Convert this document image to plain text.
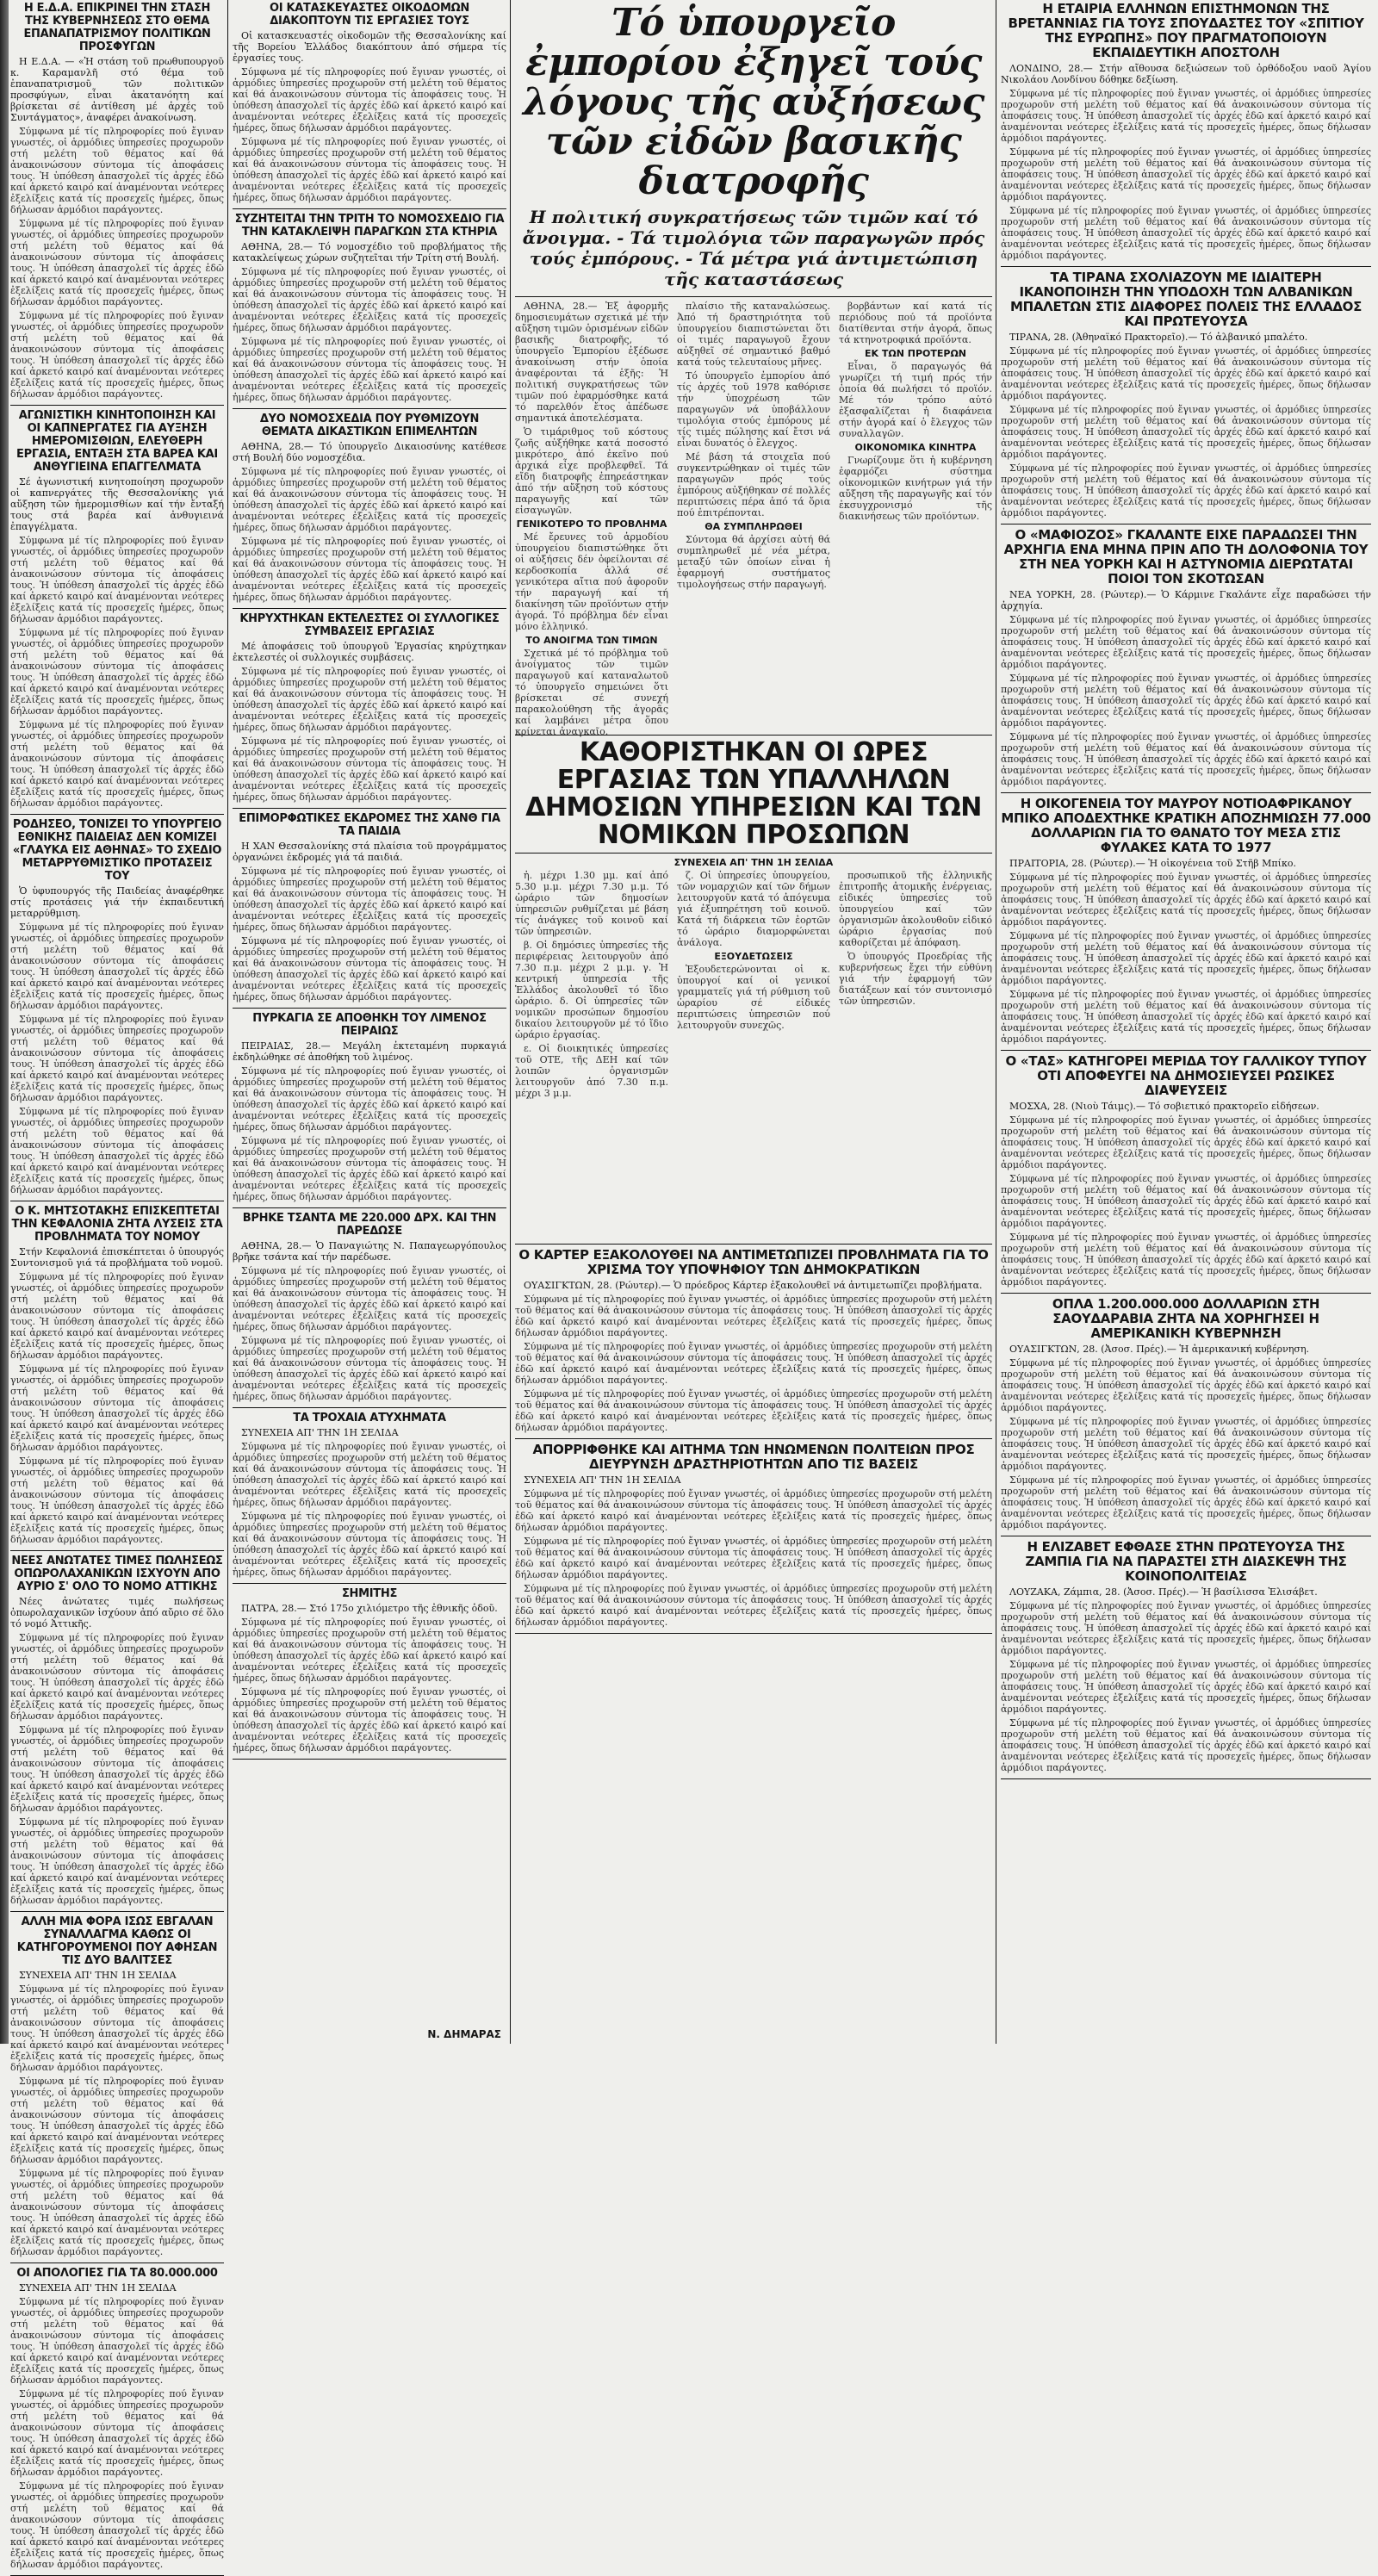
Η Ε.Δ.Α. ΕΠΙΚΡΙΝΕΙ ΤΗΝ ΣΤΑΣΗ ΤΗΣ ΚΥΒΕΡΝΗΣΕΩΣ ΣΤΟ ΘΕΜΑ ΕΠΑΝΑΠΑΤΡΙΣΜΟΥ ΠΟΛΙΤΙΚΩΝ ΠΡΟΣΦΥΓΩΝ

Η Ε.Δ.Α. — «Ἡ στάση τοῦ πρωθυπουργοῦ κ. Καραμανλῆ στό θέμα τοῦ ἐπαναπατρισμοῦ τῶν πολιτικῶν προσφύγων, εἶναι ἀκατανόητη καί βρίσκεται σέ ἀντίθεση μέ ἀρχές τοῦ Συντάγματος», ἀναφέρει ἀνακοίνωση.

Σύμφωνα μέ τίς πληροφορίες πού ἔγιναν γνωστές, οἱ ἁρμόδιες ὑπηρεσίες προχωροῦν στή μελέτη τοῦ θέματος καί θά ἀνακοινώσουν σύντομα τίς ἀποφάσεις τους. Ἡ ὑπόθεση ἀπασχολεῖ τίς ἀρχές ἐδῶ καί ἀρκετό καιρό καί ἀναμένονται νεότερες ἐξελίξεις κατά τίς προσεχεῖς ἡμέρες, ὅπως δήλωσαν ἁρμόδιοι παράγοντες.

Σύμφωνα μέ τίς πληροφορίες πού ἔγιναν γνωστές, οἱ ἁρμόδιες ὑπηρεσίες προχωροῦν στή μελέτη τοῦ θέματος καί θά ἀνακοινώσουν σύντομα τίς ἀποφάσεις τους. Ἡ ὑπόθεση ἀπασχολεῖ τίς ἀρχές ἐδῶ καί ἀρκετό καιρό καί ἀναμένονται νεότερες ἐξελίξεις κατά τίς προσεχεῖς ἡμέρες, ὅπως δήλωσαν ἁρμόδιοι παράγοντες.

Σύμφωνα μέ τίς πληροφορίες πού ἔγιναν γνωστές, οἱ ἁρμόδιες ὑπηρεσίες προχωροῦν στή μελέτη τοῦ θέματος καί θά ἀνακοινώσουν σύντομα τίς ἀποφάσεις τους. Ἡ ὑπόθεση ἀπασχολεῖ τίς ἀρχές ἐδῶ καί ἀρκετό καιρό καί ἀναμένονται νεότερες ἐξελίξεις κατά τίς προσεχεῖς ἡμέρες, ὅπως δήλωσαν ἁρμόδιοι παράγοντες.

ΑΓΩΝΙΣΤΙΚΗ ΚΙΝΗΤΟΠΟΙΗΣΗ ΚΑΙ ΟΙ ΚΑΠΝΕΡΓΑΤΕΣ ΓΙΑ ΑΥΞΗΣΗ ΗΜΕΡΟΜΙΣΘΙΩΝ, ΕΛΕΥΘΕΡΗ ΕΡΓΑΣΙΑ, ΕΝΤΑΞΗ ΣΤΑ ΒΑΡΕΑ ΚΑΙ ΑΝΘΥΓΙΕΙΝΑ ΕΠΑΓΓΕΛΜΑΤΑ

Σέ ἀγωνιστική κινητοποίηση προχωροῦν οἱ καπνεργάτες τῆς Θεσσαλονίκης γιά αὔξηση τῶν ἡμερομισθίων καί τήν ἔνταξή τους στά βαρέα καί ἀνθυγιεινά ἐπαγγέλματα.

Σύμφωνα μέ τίς πληροφορίες πού ἔγιναν γνωστές, οἱ ἁρμόδιες ὑπηρεσίες προχωροῦν στή μελέτη τοῦ θέματος καί θά ἀνακοινώσουν σύντομα τίς ἀποφάσεις τους. Ἡ ὑπόθεση ἀπασχολεῖ τίς ἀρχές ἐδῶ καί ἀρκετό καιρό καί ἀναμένονται νεότερες ἐξελίξεις κατά τίς προσεχεῖς ἡμέρες, ὅπως δήλωσαν ἁρμόδιοι παράγοντες.

Σύμφωνα μέ τίς πληροφορίες πού ἔγιναν γνωστές, οἱ ἁρμόδιες ὑπηρεσίες προχωροῦν στή μελέτη τοῦ θέματος καί θά ἀνακοινώσουν σύντομα τίς ἀποφάσεις τους. Ἡ ὑπόθεση ἀπασχολεῖ τίς ἀρχές ἐδῶ καί ἀρκετό καιρό καί ἀναμένονται νεότερες ἐξελίξεις κατά τίς προσεχεῖς ἡμέρες, ὅπως δήλωσαν ἁρμόδιοι παράγοντες.

Σύμφωνα μέ τίς πληροφορίες πού ἔγιναν γνωστές, οἱ ἁρμόδιες ὑπηρεσίες προχωροῦν στή μελέτη τοῦ θέματος καί θά ἀνακοινώσουν σύντομα τίς ἀποφάσεις τους. Ἡ ὑπόθεση ἀπασχολεῖ τίς ἀρχές ἐδῶ καί ἀρκετό καιρό καί ἀναμένονται νεότερες ἐξελίξεις κατά τίς προσεχεῖς ἡμέρες, ὅπως δήλωσαν ἁρμόδιοι παράγοντες.

ΡΟΔΗΣΕΟ, ΤΟΝΙΖΕΙ ΤΟ ΥΠΟΥΡΓΕΙΟ ΕΘΝΙΚΗΣ ΠΑΙΔΕΙΑΣ ΔΕΝ ΚΟΜΙΖΕΙ «ΓΛΑΥΚΑ ΕΙΣ ΑΘΗΝΑΣ» ΤΟ ΣΧΕΔΙΟ ΜΕΤΑΡΡΥΘΜΙΣΤΙΚΟ ΠΡΟΤΑΣΕΙΣ ΤΟΥ

Ὁ ὑφυπουργός τῆς Παιδείας ἀναφέρθηκε στίς προτάσεις γιά τήν ἐκπαιδευτική μεταρρύθμιση.

Σύμφωνα μέ τίς πληροφορίες πού ἔγιναν γνωστές, οἱ ἁρμόδιες ὑπηρεσίες προχωροῦν στή μελέτη τοῦ θέματος καί θά ἀνακοινώσουν σύντομα τίς ἀποφάσεις τους. Ἡ ὑπόθεση ἀπασχολεῖ τίς ἀρχές ἐδῶ καί ἀρκετό καιρό καί ἀναμένονται νεότερες ἐξελίξεις κατά τίς προσεχεῖς ἡμέρες, ὅπως δήλωσαν ἁρμόδιοι παράγοντες.

Σύμφωνα μέ τίς πληροφορίες πού ἔγιναν γνωστές, οἱ ἁρμόδιες ὑπηρεσίες προχωροῦν στή μελέτη τοῦ θέματος καί θά ἀνακοινώσουν σύντομα τίς ἀποφάσεις τους. Ἡ ὑπόθεση ἀπασχολεῖ τίς ἀρχές ἐδῶ καί ἀρκετό καιρό καί ἀναμένονται νεότερες ἐξελίξεις κατά τίς προσεχεῖς ἡμέρες, ὅπως δήλωσαν ἁρμόδιοι παράγοντες.

Σύμφωνα μέ τίς πληροφορίες πού ἔγιναν γνωστές, οἱ ἁρμόδιες ὑπηρεσίες προχωροῦν στή μελέτη τοῦ θέματος καί θά ἀνακοινώσουν σύντομα τίς ἀποφάσεις τους. Ἡ ὑπόθεση ἀπασχολεῖ τίς ἀρχές ἐδῶ καί ἀρκετό καιρό καί ἀναμένονται νεότερες ἐξελίξεις κατά τίς προσεχεῖς ἡμέρες, ὅπως δήλωσαν ἁρμόδιοι παράγοντες.

Ο Κ. ΜΗΤΣΟΤΑΚΗΣ ΕΠΙΣΚΕΠΤΕΤΑΙ ΤΗΝ ΚΕΦΑΛΟΝΙΑ ΖΗΤΑ ΛΥΣΕΙΣ ΣΤΑ ΠΡΟΒΛΗΜΑΤΑ ΤΟΥ ΝΟΜΟΥ

Στήν Κεφαλονιά ἐπισκέπτεται ὁ ὑπουργός Συντονισμοῦ γιά τά προβλήματα τοῦ νομοῦ.

Σύμφωνα μέ τίς πληροφορίες πού ἔγιναν γνωστές, οἱ ἁρμόδιες ὑπηρεσίες προχωροῦν στή μελέτη τοῦ θέματος καί θά ἀνακοινώσουν σύντομα τίς ἀποφάσεις τους. Ἡ ὑπόθεση ἀπασχολεῖ τίς ἀρχές ἐδῶ καί ἀρκετό καιρό καί ἀναμένονται νεότερες ἐξελίξεις κατά τίς προσεχεῖς ἡμέρες, ὅπως δήλωσαν ἁρμόδιοι παράγοντες.

Σύμφωνα μέ τίς πληροφορίες πού ἔγιναν γνωστές, οἱ ἁρμόδιες ὑπηρεσίες προχωροῦν στή μελέτη τοῦ θέματος καί θά ἀνακοινώσουν σύντομα τίς ἀποφάσεις τους. Ἡ ὑπόθεση ἀπασχολεῖ τίς ἀρχές ἐδῶ καί ἀρκετό καιρό καί ἀναμένονται νεότερες ἐξελίξεις κατά τίς προσεχεῖς ἡμέρες, ὅπως δήλωσαν ἁρμόδιοι παράγοντες.

Σύμφωνα μέ τίς πληροφορίες πού ἔγιναν γνωστές, οἱ ἁρμόδιες ὑπηρεσίες προχωροῦν στή μελέτη τοῦ θέματος καί θά ἀνακοινώσουν σύντομα τίς ἀποφάσεις τους. Ἡ ὑπόθεση ἀπασχολεῖ τίς ἀρχές ἐδῶ καί ἀρκετό καιρό καί ἀναμένονται νεότερες ἐξελίξεις κατά τίς προσεχεῖς ἡμέρες, ὅπως δήλωσαν ἁρμόδιοι παράγοντες.

ΝΕΕΣ ΑΝΩΤΑΤΕΣ ΤΙΜΕΣ ΠΩΛΗΣΕΩΣ ΟΠΩΡΟΛΑΧΑΝΙΚΩΝ ΙΣΧΥΟΥΝ ΑΠΟ ΑΥΡΙΟ Σ' ΟΛΟ ΤΟ ΝΟΜΟ ΑΤΤΙΚΗΣ

Νέες ἀνώτατες τιμές πωλήσεως ὀπωρολαχανικῶν ἰσχύουν ἀπό αὔριο σέ ὅλο τό νομό Ἀττικῆς.

Σύμφωνα μέ τίς πληροφορίες πού ἔγιναν γνωστές, οἱ ἁρμόδιες ὑπηρεσίες προχωροῦν στή μελέτη τοῦ θέματος καί θά ἀνακοινώσουν σύντομα τίς ἀποφάσεις τους. Ἡ ὑπόθεση ἀπασχολεῖ τίς ἀρχές ἐδῶ καί ἀρκετό καιρό καί ἀναμένονται νεότερες ἐξελίξεις κατά τίς προσεχεῖς ἡμέρες, ὅπως δήλωσαν ἁρμόδιοι παράγοντες.

Σύμφωνα μέ τίς πληροφορίες πού ἔγιναν γνωστές, οἱ ἁρμόδιες ὑπηρεσίες προχωροῦν στή μελέτη τοῦ θέματος καί θά ἀνακοινώσουν σύντομα τίς ἀποφάσεις τους. Ἡ ὑπόθεση ἀπασχολεῖ τίς ἀρχές ἐδῶ καί ἀρκετό καιρό καί ἀναμένονται νεότερες ἐξελίξεις κατά τίς προσεχεῖς ἡμέρες, ὅπως δήλωσαν ἁρμόδιοι παράγοντες.

Σύμφωνα μέ τίς πληροφορίες πού ἔγιναν γνωστές, οἱ ἁρμόδιες ὑπηρεσίες προχωροῦν στή μελέτη τοῦ θέματος καί θά ἀνακοινώσουν σύντομα τίς ἀποφάσεις τους. Ἡ ὑπόθεση ἀπασχολεῖ τίς ἀρχές ἐδῶ καί ἀρκετό καιρό καί ἀναμένονται νεότερες ἐξελίξεις κατά τίς προσεχεῖς ἡμέρες, ὅπως δήλωσαν ἁρμόδιοι παράγοντες.

ΑΛΛΗ ΜΙΑ ΦΟΡΑ ΙΣΩΣ ΕΒΓΑΛΑΝ ΣΥΝΑΛΛΑΓΜΑ ΚΑΘΩΣ ΟΙ ΚΑΤΗΓΟΡΟΥΜΕΝΟΙ ΠΟΥ ΑΦΗΣΑΝ ΤΙΣ ΔΥΟ ΒΑΛΙΤΣΕΣ

ΣΥΝΕΧΕΙΑ ΑΠ' ΤΗΝ 1Η ΣΕΛΙΔΑ

Σύμφωνα μέ τίς πληροφορίες πού ἔγιναν γνωστές, οἱ ἁρμόδιες ὑπηρεσίες προχωροῦν στή μελέτη τοῦ θέματος καί θά ἀνακοινώσουν σύντομα τίς ἀποφάσεις τους. Ἡ ὑπόθεση ἀπασχολεῖ τίς ἀρχές ἐδῶ καί ἀρκετό καιρό καί ἀναμένονται νεότερες ἐξελίξεις κατά τίς προσεχεῖς ἡμέρες, ὅπως δήλωσαν ἁρμόδιοι παράγοντες.

Σύμφωνα μέ τίς πληροφορίες πού ἔγιναν γνωστές, οἱ ἁρμόδιες ὑπηρεσίες προχωροῦν στή μελέτη τοῦ θέματος καί θά ἀνακοινώσουν σύντομα τίς ἀποφάσεις τους. Ἡ ὑπόθεση ἀπασχολεῖ τίς ἀρχές ἐδῶ καί ἀρκετό καιρό καί ἀναμένονται νεότερες ἐξελίξεις κατά τίς προσεχεῖς ἡμέρες, ὅπως δήλωσαν ἁρμόδιοι παράγοντες.

Σύμφωνα μέ τίς πληροφορίες πού ἔγιναν γνωστές, οἱ ἁρμόδιες ὑπηρεσίες προχωροῦν στή μελέτη τοῦ θέματος καί θά ἀνακοινώσουν σύντομα τίς ἀποφάσεις τους. Ἡ ὑπόθεση ἀπασχολεῖ τίς ἀρχές ἐδῶ καί ἀρκετό καιρό καί ἀναμένονται νεότερες ἐξελίξεις κατά τίς προσεχεῖς ἡμέρες, ὅπως δήλωσαν ἁρμόδιοι παράγοντες.

ΟΙ ΑΠΟΛΟΓΙΕΣ ΓΙΑ ΤΑ 80.000.000

ΣΥΝΕΧΕΙΑ ΑΠ' ΤΗΝ 1Η ΣΕΛΙΔΑ

Σύμφωνα μέ τίς πληροφορίες πού ἔγιναν γνωστές, οἱ ἁρμόδιες ὑπηρεσίες προχωροῦν στή μελέτη τοῦ θέματος καί θά ἀνακοινώσουν σύντομα τίς ἀποφάσεις τους. Ἡ ὑπόθεση ἀπασχολεῖ τίς ἀρχές ἐδῶ καί ἀρκετό καιρό καί ἀναμένονται νεότερες ἐξελίξεις κατά τίς προσεχεῖς ἡμέρες, ὅπως δήλωσαν ἁρμόδιοι παράγοντες.

Σύμφωνα μέ τίς πληροφορίες πού ἔγιναν γνωστές, οἱ ἁρμόδιες ὑπηρεσίες προχωροῦν στή μελέτη τοῦ θέματος καί θά ἀνακοινώσουν σύντομα τίς ἀποφάσεις τους. Ἡ ὑπόθεση ἀπασχολεῖ τίς ἀρχές ἐδῶ καί ἀρκετό καιρό καί ἀναμένονται νεότερες ἐξελίξεις κατά τίς προσεχεῖς ἡμέρες, ὅπως δήλωσαν ἁρμόδιοι παράγοντες.

Σύμφωνα μέ τίς πληροφορίες πού ἔγιναν γνωστές, οἱ ἁρμόδιες ὑπηρεσίες προχωροῦν στή μελέτη τοῦ θέματος καί θά ἀνακοινώσουν σύντομα τίς ἀποφάσεις τους. Ἡ ὑπόθεση ἀπασχολεῖ τίς ἀρχές ἐδῶ καί ἀρκετό καιρό καί ἀναμένονται νεότερες ἐξελίξεις κατά τίς προσεχεῖς ἡμέρες, ὅπως δήλωσαν ἁρμόδιοι παράγοντες.

ΟΙ ΚΑΤΑΣΚΕΥΑΣΤΕΣ ΟΙΚΟΔΟΜΩΝ ΔΙΑΚΟΠΤΟΥΝ ΤΙΣ ΕΡΓΑΣΙΕΣ ΤΟΥΣ

Οἱ κατασκευαστές οἰκοδομῶν τῆς Θεσσαλονίκης καί τῆς Βορείου Ἑλλάδος διακόπτουν ἀπό σήμερα τίς ἐργασίες τους.

Σύμφωνα μέ τίς πληροφορίες πού ἔγιναν γνωστές, οἱ ἁρμόδιες ὑπηρεσίες προχωροῦν στή μελέτη τοῦ θέματος καί θά ἀνακοινώσουν σύντομα τίς ἀποφάσεις τους. Ἡ ὑπόθεση ἀπασχολεῖ τίς ἀρχές ἐδῶ καί ἀρκετό καιρό καί ἀναμένονται νεότερες ἐξελίξεις κατά τίς προσεχεῖς ἡμέρες, ὅπως δήλωσαν ἁρμόδιοι παράγοντες.

Σύμφωνα μέ τίς πληροφορίες πού ἔγιναν γνωστές, οἱ ἁρμόδιες ὑπηρεσίες προχωροῦν στή μελέτη τοῦ θέματος καί θά ἀνακοινώσουν σύντομα τίς ἀποφάσεις τους. Ἡ ὑπόθεση ἀπασχολεῖ τίς ἀρχές ἐδῶ καί ἀρκετό καιρό καί ἀναμένονται νεότερες ἐξελίξεις κατά τίς προσεχεῖς ἡμέρες, ὅπως δήλωσαν ἁρμόδιοι παράγοντες.

ΣΥΖΗΤΕΙΤΑΙ ΤΗΝ ΤΡΙΤΗ ΤΟ ΝΟΜΟΣΧΕΔΙΟ ΓΙΑ ΤΗΝ ΚΑΤΑΚΛΕΙΨΗ ΠΑΡΑΓΚΩΝ ΣΤΑ ΚΤΗΡΙΑ

ΑΘΗΝΑ, 28.— Τό νομοσχέδιο τοῦ προβλήματος τῆς κατακλείψεως χώρων συζητεῖται τήν Τρίτη στή Βουλή.

Σύμφωνα μέ τίς πληροφορίες πού ἔγιναν γνωστές, οἱ ἁρμόδιες ὑπηρεσίες προχωροῦν στή μελέτη τοῦ θέματος καί θά ἀνακοινώσουν σύντομα τίς ἀποφάσεις τους. Ἡ ὑπόθεση ἀπασχολεῖ τίς ἀρχές ἐδῶ καί ἀρκετό καιρό καί ἀναμένονται νεότερες ἐξελίξεις κατά τίς προσεχεῖς ἡμέρες, ὅπως δήλωσαν ἁρμόδιοι παράγοντες.

Σύμφωνα μέ τίς πληροφορίες πού ἔγιναν γνωστές, οἱ ἁρμόδιες ὑπηρεσίες προχωροῦν στή μελέτη τοῦ θέματος καί θά ἀνακοινώσουν σύντομα τίς ἀποφάσεις τους. Ἡ ὑπόθεση ἀπασχολεῖ τίς ἀρχές ἐδῶ καί ἀρκετό καιρό καί ἀναμένονται νεότερες ἐξελίξεις κατά τίς προσεχεῖς ἡμέρες, ὅπως δήλωσαν ἁρμόδιοι παράγοντες.

ΔΥΟ ΝΟΜΟΣΧΕΔΙΑ ΠΟΥ ΡΥΘΜΙΖΟΥΝ ΘΕΜΑΤΑ ΔΙΚΑΣΤΙΚΩΝ ΕΠΙΜΕΛΗΤΩΝ

ΑΘΗΝΑ, 28.— Τό ὑπουργεῖο Δικαιοσύνης κατέθεσε στή Βουλή δύο νομοσχέδια.

Σύμφωνα μέ τίς πληροφορίες πού ἔγιναν γνωστές, οἱ ἁρμόδιες ὑπηρεσίες προχωροῦν στή μελέτη τοῦ θέματος καί θά ἀνακοινώσουν σύντομα τίς ἀποφάσεις τους. Ἡ ὑπόθεση ἀπασχολεῖ τίς ἀρχές ἐδῶ καί ἀρκετό καιρό καί ἀναμένονται νεότερες ἐξελίξεις κατά τίς προσεχεῖς ἡμέρες, ὅπως δήλωσαν ἁρμόδιοι παράγοντες.

Σύμφωνα μέ τίς πληροφορίες πού ἔγιναν γνωστές, οἱ ἁρμόδιες ὑπηρεσίες προχωροῦν στή μελέτη τοῦ θέματος καί θά ἀνακοινώσουν σύντομα τίς ἀποφάσεις τους. Ἡ ὑπόθεση ἀπασχολεῖ τίς ἀρχές ἐδῶ καί ἀρκετό καιρό καί ἀναμένονται νεότερες ἐξελίξεις κατά τίς προσεχεῖς ἡμέρες, ὅπως δήλωσαν ἁρμόδιοι παράγοντες.

ΚΗΡΥΧΤΗΚΑΝ ΕΚΤΕΛΕΣΤΕΣ ΟΙ ΣΥΛΛΟΓΙΚΕΣ ΣΥΜΒΑΣΕΙΣ ΕΡΓΑΣΙΑΣ

Μέ ἀποφάσεις τοῦ ὑπουργοῦ Ἐργασίας κηρύχτηκαν ἐκτελεστές οἱ συλλογικές συμβάσεις.

Σύμφωνα μέ τίς πληροφορίες πού ἔγιναν γνωστές, οἱ ἁρμόδιες ὑπηρεσίες προχωροῦν στή μελέτη τοῦ θέματος καί θά ἀνακοινώσουν σύντομα τίς ἀποφάσεις τους. Ἡ ὑπόθεση ἀπασχολεῖ τίς ἀρχές ἐδῶ καί ἀρκετό καιρό καί ἀναμένονται νεότερες ἐξελίξεις κατά τίς προσεχεῖς ἡμέρες, ὅπως δήλωσαν ἁρμόδιοι παράγοντες.

Σύμφωνα μέ τίς πληροφορίες πού ἔγιναν γνωστές, οἱ ἁρμόδιες ὑπηρεσίες προχωροῦν στή μελέτη τοῦ θέματος καί θά ἀνακοινώσουν σύντομα τίς ἀποφάσεις τους. Ἡ ὑπόθεση ἀπασχολεῖ τίς ἀρχές ἐδῶ καί ἀρκετό καιρό καί ἀναμένονται νεότερες ἐξελίξεις κατά τίς προσεχεῖς ἡμέρες, ὅπως δήλωσαν ἁρμόδιοι παράγοντες.

ΕΠΙΜΟΡΦΩΤΙΚΕΣ ΕΚΔΡΟΜΕΣ ΤΗΣ ΧΑΝΘ ΓΙΑ ΤΑ ΠΑΙΔΙΑ

Η ΧΑΝ Θεσσαλονίκης στά πλαίσια τοῦ προγράμματος ὀργανώνει ἐκδρομές γιά τά παιδιά.

Σύμφωνα μέ τίς πληροφορίες πού ἔγιναν γνωστές, οἱ ἁρμόδιες ὑπηρεσίες προχωροῦν στή μελέτη τοῦ θέματος καί θά ἀνακοινώσουν σύντομα τίς ἀποφάσεις τους. Ἡ ὑπόθεση ἀπασχολεῖ τίς ἀρχές ἐδῶ καί ἀρκετό καιρό καί ἀναμένονται νεότερες ἐξελίξεις κατά τίς προσεχεῖς ἡμέρες, ὅπως δήλωσαν ἁρμόδιοι παράγοντες.

Σύμφωνα μέ τίς πληροφορίες πού ἔγιναν γνωστές, οἱ ἁρμόδιες ὑπηρεσίες προχωροῦν στή μελέτη τοῦ θέματος καί θά ἀνακοινώσουν σύντομα τίς ἀποφάσεις τους. Ἡ ὑπόθεση ἀπασχολεῖ τίς ἀρχές ἐδῶ καί ἀρκετό καιρό καί ἀναμένονται νεότερες ἐξελίξεις κατά τίς προσεχεῖς ἡμέρες, ὅπως δήλωσαν ἁρμόδιοι παράγοντες.

ΠΥΡΚΑΓΙΑ ΣΕ ΑΠΟΘΗΚΗ ΤΟΥ ΛΙΜΕΝΟΣ ΠΕΙΡΑΙΩΣ

ΠΕΙΡΑΙΑΣ, 28.— Μεγάλη ἐκτεταμένη πυρκαγιά ἐκδηλώθηκε σέ ἀποθήκη τοῦ λιμένος.

Σύμφωνα μέ τίς πληροφορίες πού ἔγιναν γνωστές, οἱ ἁρμόδιες ὑπηρεσίες προχωροῦν στή μελέτη τοῦ θέματος καί θά ἀνακοινώσουν σύντομα τίς ἀποφάσεις τους. Ἡ ὑπόθεση ἀπασχολεῖ τίς ἀρχές ἐδῶ καί ἀρκετό καιρό καί ἀναμένονται νεότερες ἐξελίξεις κατά τίς προσεχεῖς ἡμέρες, ὅπως δήλωσαν ἁρμόδιοι παράγοντες.

Σύμφωνα μέ τίς πληροφορίες πού ἔγιναν γνωστές, οἱ ἁρμόδιες ὑπηρεσίες προχωροῦν στή μελέτη τοῦ θέματος καί θά ἀνακοινώσουν σύντομα τίς ἀποφάσεις τους. Ἡ ὑπόθεση ἀπασχολεῖ τίς ἀρχές ἐδῶ καί ἀρκετό καιρό καί ἀναμένονται νεότερες ἐξελίξεις κατά τίς προσεχεῖς ἡμέρες, ὅπως δήλωσαν ἁρμόδιοι παράγοντες.

ΒΡΗΚΕ ΤΣΑΝΤΑ ΜΕ 220.000 ΔΡΧ. ΚΑΙ ΤΗΝ ΠΑΡΕΔΩΣΕ

ΑΘΗΝΑ, 28.— Ὁ Παναγιώτης Ν. Παπαγεωργόπουλος βρῆκε τσάντα καί τήν παρέδωσε.

Σύμφωνα μέ τίς πληροφορίες πού ἔγιναν γνωστές, οἱ ἁρμόδιες ὑπηρεσίες προχωροῦν στή μελέτη τοῦ θέματος καί θά ἀνακοινώσουν σύντομα τίς ἀποφάσεις τους. Ἡ ὑπόθεση ἀπασχολεῖ τίς ἀρχές ἐδῶ καί ἀρκετό καιρό καί ἀναμένονται νεότερες ἐξελίξεις κατά τίς προσεχεῖς ἡμέρες, ὅπως δήλωσαν ἁρμόδιοι παράγοντες.

Σύμφωνα μέ τίς πληροφορίες πού ἔγιναν γνωστές, οἱ ἁρμόδιες ὑπηρεσίες προχωροῦν στή μελέτη τοῦ θέματος καί θά ἀνακοινώσουν σύντομα τίς ἀποφάσεις τους. Ἡ ὑπόθεση ἀπασχολεῖ τίς ἀρχές ἐδῶ καί ἀρκετό καιρό καί ἀναμένονται νεότερες ἐξελίξεις κατά τίς προσεχεῖς ἡμέρες, ὅπως δήλωσαν ἁρμόδιοι παράγοντες.

ΤΑ ΤΡΟΧΑΙΑ ΑΤΥΧΗΜΑΤΑ

ΣΥΝΕΧΕΙΑ ΑΠ' ΤΗΝ 1Η ΣΕΛΙΔΑ

Σύμφωνα μέ τίς πληροφορίες πού ἔγιναν γνωστές, οἱ ἁρμόδιες ὑπηρεσίες προχωροῦν στή μελέτη τοῦ θέματος καί θά ἀνακοινώσουν σύντομα τίς ἀποφάσεις τους. Ἡ ὑπόθεση ἀπασχολεῖ τίς ἀρχές ἐδῶ καί ἀρκετό καιρό καί ἀναμένονται νεότερες ἐξελίξεις κατά τίς προσεχεῖς ἡμέρες, ὅπως δήλωσαν ἁρμόδιοι παράγοντες.

Σύμφωνα μέ τίς πληροφορίες πού ἔγιναν γνωστές, οἱ ἁρμόδιες ὑπηρεσίες προχωροῦν στή μελέτη τοῦ θέματος καί θά ἀνακοινώσουν σύντομα τίς ἀποφάσεις τους. Ἡ ὑπόθεση ἀπασχολεῖ τίς ἀρχές ἐδῶ καί ἀρκετό καιρό καί ἀναμένονται νεότερες ἐξελίξεις κατά τίς προσεχεῖς ἡμέρες, ὅπως δήλωσαν ἁρμόδιοι παράγοντες.

ΣΗΜΙΤΗΣ

ΠΑΤΡΑ, 28.— Στό 175ο χιλιόμετρο τῆς ἐθνικῆς ὁδοῦ.

Σύμφωνα μέ τίς πληροφορίες πού ἔγιναν γνωστές, οἱ ἁρμόδιες ὑπηρεσίες προχωροῦν στή μελέτη τοῦ θέματος καί θά ἀνακοινώσουν σύντομα τίς ἀποφάσεις τους. Ἡ ὑπόθεση ἀπασχολεῖ τίς ἀρχές ἐδῶ καί ἀρκετό καιρό καί ἀναμένονται νεότερες ἐξελίξεις κατά τίς προσεχεῖς ἡμέρες, ὅπως δήλωσαν ἁρμόδιοι παράγοντες.

Σύμφωνα μέ τίς πληροφορίες πού ἔγιναν γνωστές, οἱ ἁρμόδιες ὑπηρεσίες προχωροῦν στή μελέτη τοῦ θέματος καί θά ἀνακοινώσουν σύντομα τίς ἀποφάσεις τους. Ἡ ὑπόθεση ἀπασχολεῖ τίς ἀρχές ἐδῶ καί ἀρκετό καιρό καί ἀναμένονται νεότερες ἐξελίξεις κατά τίς προσεχεῖς ἡμέρες, ὅπως δήλωσαν ἁρμόδιοι παράγοντες.

Ν. ΔΗΜΑΡΑΣ
Τό ὑπουργεῖο ἐμπορίου ἐξηγεῖ τούς λόγους τῆς αὐξήσεως τῶν εἰδῶν βασικῆς διατροφῆς
Η πολιτική συγκρατήσεως τῶν τιμῶν καί τό ἄνοιγμα. - Τά τιμολόγια τῶν παραγωγῶν πρός τούς ἐμπόρους. - Τά μέτρα γιά ἀντιμετώπιση τῆς καταστάσεως

ΑΘΗΝΑ, 28.— Ἐξ ἀφορμῆς δημοσιευμάτων σχετικά μέ τήν αὔξηση τιμῶν ὁρισμένων εἰδῶν βασικῆς διατροφῆς, τό ὑπουργεῖο Ἐμπορίου ἐξέδωσε ἀνακοίνωση στήν ὁποία ἀναφέρονται τά ἑξῆς: Ἡ πολιτική συγκρατήσεως τῶν τιμῶν πού ἐφαρμόσθηκε κατά τό παρελθόν ἔτος ἀπέδωσε σημαντικά ἀποτελέσματα.

Ὁ τιμάριθμος τοῦ κόστους ζωῆς αὐξήθηκε κατά ποσοστό μικρότερο ἀπό ἐκεῖνο πού ἀρχικά εἶχε προβλεφθεῖ. Τά εἴδη διατροφῆς ἐπηρεάστηκαν ἀπό τήν αὔξηση τοῦ κόστους παραγωγῆς καί τῶν εἰσαγωγῶν.

ΓΕΝΙΚΟΤΕΡΟ ΤΟ ΠΡΟΒΛΗΜΑ

Μέ ἔρευνες τοῦ ἁρμοδίου ὑπουργείου διαπιστώθηκε ὅτι οἱ αὐξήσεις δέν ὀφείλονται σέ κερδοσκοπία ἀλλά σέ γενικότερα αἴτια πού ἀφοροῦν τήν παραγωγή καί τή διακίνηση τῶν προϊόντων στήν ἀγορά. Τό πρόβλημα δέν εἶναι μόνο ἑλληνικό.

ΤΟ ΑΝΟΙΓΜΑ ΤΩΝ ΤΙΜΩΝ

Σχετικά μέ τό πρόβλημα τοῦ ἀνοίγματος τῶν τιμῶν παραγωγοῦ καί καταναλωτοῦ τό ὑπουργεῖο σημειώνει ὅτι βρίσκεται σέ συνεχή παρακολούθηση τῆς ἀγορᾶς καί λαμβάνει μέτρα ὅπου κρίνεται ἀναγκαῖο.

πλαίσιο τῆς καταναλώσεως. Ἀπό τή δραστηριότητα τοῦ ὑπουργείου διαπιστώνεται ὅτι οἱ τιμές παραγωγοῦ ἔχουν αὐξηθεῖ σέ σημαντικό βαθμό κατά τούς τελευταίους μῆνες.

Τό ὑπουργεῖο ἐμπορίου ἀπό τίς ἀρχές τοῦ 1978 καθόρισε τήν ὑποχρέωση τῶν παραγωγῶν νά ὑποβάλλουν τιμολόγια στούς ἐμπόρους μέ τίς τιμές πώλησης καί ἔτσι νά εἶναι δυνατός ὁ ἔλεγχος.

Μέ βάση τά στοιχεῖα πού συγκεντρώθηκαν οἱ τιμές τῶν παραγωγῶν πρός τούς ἐμπόρους αὐξήθηκαν σέ πολλές περιπτώσεις πέρα ἀπό τά ὅρια πού ἐπιτρέπονται.

ΘΑ ΣΥΜΠΛΗΡΩΘΕΙ

Σύντομα θά ἀρχίσει αὐτή θά συμπληρωθεῖ μέ νέα μέτρα, μεταξύ τῶν ὁποίων εἶναι ἡ ἐφαρμογή συστήματος τιμολογήσεως στήν παραγωγή.

βορβάντων καί κατά τίς περιόδους πού τά προϊόντα διατίθενται στήν ἀγορά, ὅπως τά κτηνοτροφικά προϊόντα.

ΕΚ ΤΩΝ ΠΡΟΤΕΡΩΝ

Εἶναι, ὅ παραγωγός θά γνωρίζει τή τιμή πρός τήν ὁποία θά πωλήσει τό προϊόν. Μέ τόν τρόπο αὐτό ἐξασφαλίζεται ἡ διαφάνεια στήν ἀγορά καί ὁ ἔλεγχος τῶν συναλλαγῶν.

ΟΙΚΟΝΟΜΙΚΑ ΚΙΝΗΤΡΑ

Γνωρίζουμε ὅτι ἡ κυβέρνηση ἐφαρμόζει σύστημα οἰκονομικῶν κινήτρων γιά τήν αὔξηση τῆς παραγωγῆς καί τόν ἐκσυγχρονισμό τῆς διακινήσεως τῶν προϊόντων.

ΚΑΘΟΡΙΣΤΗΚΑΝ ΟΙ ΩΡΕΣ ΕΡΓΑΣΙΑΣ ΤΩΝ ΥΠΑΛΛΗΛΩΝ ΔΗΜΟΣΙΩΝ ΥΠΗΡΕΣΙΩΝ ΚΑΙ ΤΩΝ ΝΟΜΙΚΩΝ ΠΡΟΣΩΠΩΝ
ΣΥΝΕΧΕΙΑ ΑΠ' ΤΗΝ 1Η ΣΕΛΙΔΑ

ἡ. μέχρι 1.30 μμ. καί ἀπό 5.30 μ.μ. μέχρι 7.30 μ.μ. Τό ὡράριο τῶν δημοσίων ὑπηρεσιῶν ρυθμίζεται μέ βάση τίς ἀνάγκες τοῦ κοινοῦ καί τῶν ὑπηρεσιῶν.

β. Οἱ δημόσιες ὑπηρεσίες τῆς περιφέρειας λειτουργοῦν ἀπό 7.30 π.μ. μέχρι 2 μ.μ. γ. Ἡ κεντρική ὑπηρεσία τῆς Ἑλλάδος ἀκολουθεῖ τό ἴδιο ὡράριο. δ. Οἱ ὑπηρεσίες τῶν νομικῶν προσώπων δημοσίου δικαίου λειτουργοῦν μέ τό ἴδιο ὡράριο ἐργασίας.

ε. Οἱ διοικητικές ὑπηρεσίες τοῦ ΟΤΕ, τῆς ΔΕΗ καί τῶν λοιπῶν ὀργανισμῶν λειτουργοῦν ἀπό 7.30 π.μ. μέχρι 3 μ.μ.

ζ. Οἱ ὑπηρεσίες ὑπουργείου, τῶν νομαρχιῶν καί τῶν δήμων λειτουργοῦν κατά τό ἀπόγευμα γιά ἐξυπηρέτηση τοῦ κοινοῦ. Κατά τή διάρκεια τῶν ἑορτῶν τό ὡράριο διαμορφώνεται ἀνάλογα.

ΕΞΟΥΔΕΤΩΣΕΙΣ

Ἐξουδετερώνονται οἱ κ. ὑπουργοί καί οἱ γενικοί γραμματεῖς γιά τή ρύθμιση τοῦ ὡραρίου σέ εἰδικές περιπτώσεις ὑπηρεσιῶν πού λειτουργοῦν συνεχῶς.

προσωπικοῦ τῆς ἑλληνικῆς ἐπιτροπῆς ἀτομικῆς ἐνέργειας, εἰδικές ὑπηρεσίες τοῦ ὑπουργείου καί τῶν ὀργανισμῶν ἀκολουθοῦν εἰδικό ὡράριο ἐργασίας πού καθορίζεται μέ ἀπόφαση.

Ὁ ὑπουργός Προεδρίας τῆς κυβερνήσεως ἔχει τήν εὐθύνη γιά τήν ἐφαρμογή τῶν διατάξεων καί τόν συντονισμό τῶν ὑπηρεσιῶν.

Ο ΚΑΡΤΕΡ ΕΞΑΚΟΛΟΥΘΕΙ ΝΑ ΑΝΤΙΜΕΤΩΠΙΖΕΙ ΠΡΟΒΛΗΜΑΤΑ ΓΙΑ ΤΟ ΧΡΙΣΜΑ ΤΟΥ ΥΠΟΨΗΦΙΟΥ ΤΩΝ ΔΗΜΟΚΡΑΤΙΚΩΝ

ΟΥΑΣΙΓΚΤΩΝ, 28. (Ρώυτερ).— Ὁ πρόεδρος Κάρτερ ἐξακολουθεῖ νά ἀντιμετωπίζει προβλήματα.

Σύμφωνα μέ τίς πληροφορίες πού ἔγιναν γνωστές, οἱ ἁρμόδιες ὑπηρεσίες προχωροῦν στή μελέτη τοῦ θέματος καί θά ἀνακοινώσουν σύντομα τίς ἀποφάσεις τους. Ἡ ὑπόθεση ἀπασχολεῖ τίς ἀρχές ἐδῶ καί ἀρκετό καιρό καί ἀναμένονται νεότερες ἐξελίξεις κατά τίς προσεχεῖς ἡμέρες, ὅπως δήλωσαν ἁρμόδιοι παράγοντες.

Σύμφωνα μέ τίς πληροφορίες πού ἔγιναν γνωστές, οἱ ἁρμόδιες ὑπηρεσίες προχωροῦν στή μελέτη τοῦ θέματος καί θά ἀνακοινώσουν σύντομα τίς ἀποφάσεις τους. Ἡ ὑπόθεση ἀπασχολεῖ τίς ἀρχές ἐδῶ καί ἀρκετό καιρό καί ἀναμένονται νεότερες ἐξελίξεις κατά τίς προσεχεῖς ἡμέρες, ὅπως δήλωσαν ἁρμόδιοι παράγοντες.

Σύμφωνα μέ τίς πληροφορίες πού ἔγιναν γνωστές, οἱ ἁρμόδιες ὑπηρεσίες προχωροῦν στή μελέτη τοῦ θέματος καί θά ἀνακοινώσουν σύντομα τίς ἀποφάσεις τους. Ἡ ὑπόθεση ἀπασχολεῖ τίς ἀρχές ἐδῶ καί ἀρκετό καιρό καί ἀναμένονται νεότερες ἐξελίξεις κατά τίς προσεχεῖς ἡμέρες, ὅπως δήλωσαν ἁρμόδιοι παράγοντες.

ΑΠΟΡΡΙΦΘΗΚΕ ΚΑΙ ΑΙΤΗΜΑ ΤΩΝ ΗΝΩΜΕΝΩΝ ΠΟΛΙΤΕΙΩΝ ΠΡΟΣ ΔΙΕΥΡΥΝΣΗ ΔΡΑΣΤΗΡΙΟΤΗΤΩΝ ΑΠΟ ΤΙΣ ΒΑΣΕΙΣ

ΣΥΝΕΧΕΙΑ ΑΠ' ΤΗΝ 1Η ΣΕΛΙΔΑ

Σύμφωνα μέ τίς πληροφορίες πού ἔγιναν γνωστές, οἱ ἁρμόδιες ὑπηρεσίες προχωροῦν στή μελέτη τοῦ θέματος καί θά ἀνακοινώσουν σύντομα τίς ἀποφάσεις τους. Ἡ ὑπόθεση ἀπασχολεῖ τίς ἀρχές ἐδῶ καί ἀρκετό καιρό καί ἀναμένονται νεότερες ἐξελίξεις κατά τίς προσεχεῖς ἡμέρες, ὅπως δήλωσαν ἁρμόδιοι παράγοντες.

Σύμφωνα μέ τίς πληροφορίες πού ἔγιναν γνωστές, οἱ ἁρμόδιες ὑπηρεσίες προχωροῦν στή μελέτη τοῦ θέματος καί θά ἀνακοινώσουν σύντομα τίς ἀποφάσεις τους. Ἡ ὑπόθεση ἀπασχολεῖ τίς ἀρχές ἐδῶ καί ἀρκετό καιρό καί ἀναμένονται νεότερες ἐξελίξεις κατά τίς προσεχεῖς ἡμέρες, ὅπως δήλωσαν ἁρμόδιοι παράγοντες.

Σύμφωνα μέ τίς πληροφορίες πού ἔγιναν γνωστές, οἱ ἁρμόδιες ὑπηρεσίες προχωροῦν στή μελέτη τοῦ θέματος καί θά ἀνακοινώσουν σύντομα τίς ἀποφάσεις τους. Ἡ ὑπόθεση ἀπασχολεῖ τίς ἀρχές ἐδῶ καί ἀρκετό καιρό καί ἀναμένονται νεότερες ἐξελίξεις κατά τίς προσεχεῖς ἡμέρες, ὅπως δήλωσαν ἁρμόδιοι παράγοντες.

Η ΕΤΑΙΡΙΑ ΕΛΛΗΝΩΝ ΕΠΙΣΤΗΜΟΝΩΝ ΤΗΣ ΒΡΕΤΑΝΝΙΑΣ ΓΙΑ ΤΟΥΣ ΣΠΟΥΔΑΣΤΕΣ ΤΟΥ «ΣΠΙΤΙΟΥ ΤΗΣ ΕΥΡΩΠΗΣ» ΠΟΥ ΠΡΑΓΜΑΤΟΠΟΙΟΥΝ ΕΚΠΑΙΔΕΥΤΙΚΗ ΑΠΟΣΤΟΛΗ

ΛΟΝΔΙΝΟ, 28.— Στήν αἴθουσα δεξιώσεων τοῦ ὀρθόδοξου ναοῦ Ἁγίου Νικολάου Λονδίνου δόθηκε δεξίωση.

Σύμφωνα μέ τίς πληροφορίες πού ἔγιναν γνωστές, οἱ ἁρμόδιες ὑπηρεσίες προχωροῦν στή μελέτη τοῦ θέματος καί θά ἀνακοινώσουν σύντομα τίς ἀποφάσεις τους. Ἡ ὑπόθεση ἀπασχολεῖ τίς ἀρχές ἐδῶ καί ἀρκετό καιρό καί ἀναμένονται νεότερες ἐξελίξεις κατά τίς προσεχεῖς ἡμέρες, ὅπως δήλωσαν ἁρμόδιοι παράγοντες.

Σύμφωνα μέ τίς πληροφορίες πού ἔγιναν γνωστές, οἱ ἁρμόδιες ὑπηρεσίες προχωροῦν στή μελέτη τοῦ θέματος καί θά ἀνακοινώσουν σύντομα τίς ἀποφάσεις τους. Ἡ ὑπόθεση ἀπασχολεῖ τίς ἀρχές ἐδῶ καί ἀρκετό καιρό καί ἀναμένονται νεότερες ἐξελίξεις κατά τίς προσεχεῖς ἡμέρες, ὅπως δήλωσαν ἁρμόδιοι παράγοντες.

Σύμφωνα μέ τίς πληροφορίες πού ἔγιναν γνωστές, οἱ ἁρμόδιες ὑπηρεσίες προχωροῦν στή μελέτη τοῦ θέματος καί θά ἀνακοινώσουν σύντομα τίς ἀποφάσεις τους. Ἡ ὑπόθεση ἀπασχολεῖ τίς ἀρχές ἐδῶ καί ἀρκετό καιρό καί ἀναμένονται νεότερες ἐξελίξεις κατά τίς προσεχεῖς ἡμέρες, ὅπως δήλωσαν ἁρμόδιοι παράγοντες.

ΤΑ ΤΙΡΑΝΑ ΣΧΟΛΙΑΖΟΥΝ ΜΕ ΙΔΙΑΙΤΕΡΗ ΙΚΑΝΟΠΟΙΗΣΗ ΤΗΝ ΥΠΟΔΟΧΗ ΤΩΝ ΑΛΒΑΝΙΚΩΝ ΜΠΑΛΕΤΩΝ ΣΤΙΣ ΔΙΑΦΟΡΕΣ ΠΟΛΕΙΣ ΤΗΣ ΕΛΛΑΔΟΣ ΚΑΙ ΠΡΩΤΕΥΟΥΣΑ

ΤΙΡΑΝΑ, 28. (Ἀθηναϊκό Πρακτορεῖο).— Τό ἀλβανικό μπαλέτο.

Σύμφωνα μέ τίς πληροφορίες πού ἔγιναν γνωστές, οἱ ἁρμόδιες ὑπηρεσίες προχωροῦν στή μελέτη τοῦ θέματος καί θά ἀνακοινώσουν σύντομα τίς ἀποφάσεις τους. Ἡ ὑπόθεση ἀπασχολεῖ τίς ἀρχές ἐδῶ καί ἀρκετό καιρό καί ἀναμένονται νεότερες ἐξελίξεις κατά τίς προσεχεῖς ἡμέρες, ὅπως δήλωσαν ἁρμόδιοι παράγοντες.

Σύμφωνα μέ τίς πληροφορίες πού ἔγιναν γνωστές, οἱ ἁρμόδιες ὑπηρεσίες προχωροῦν στή μελέτη τοῦ θέματος καί θά ἀνακοινώσουν σύντομα τίς ἀποφάσεις τους. Ἡ ὑπόθεση ἀπασχολεῖ τίς ἀρχές ἐδῶ καί ἀρκετό καιρό καί ἀναμένονται νεότερες ἐξελίξεις κατά τίς προσεχεῖς ἡμέρες, ὅπως δήλωσαν ἁρμόδιοι παράγοντες.

Σύμφωνα μέ τίς πληροφορίες πού ἔγιναν γνωστές, οἱ ἁρμόδιες ὑπηρεσίες προχωροῦν στή μελέτη τοῦ θέματος καί θά ἀνακοινώσουν σύντομα τίς ἀποφάσεις τους. Ἡ ὑπόθεση ἀπασχολεῖ τίς ἀρχές ἐδῶ καί ἀρκετό καιρό καί ἀναμένονται νεότερες ἐξελίξεις κατά τίς προσεχεῖς ἡμέρες, ὅπως δήλωσαν ἁρμόδιοι παράγοντες.

Ο «ΜΑΦΙΟΖΟΣ» ΓΚΑΛΑΝΤΕ ΕΙΧΕ ΠΑΡΑΔΩΣΕΙ ΤΗΝ ΑΡΧΗΓΙΑ ΕΝΑ ΜΗΝΑ ΠΡΙΝ ΑΠΟ ΤΗ ΔΟΛΟΦΟΝΙΑ ΤΟΥ ΣΤΗ ΝΕΑ ΥΟΡΚΗ ΚΑΙ Η ΑΣΤΥΝΟΜΙΑ ΔΙΕΡΩΤΑΤΑΙ ΠΟΙΟΙ ΤΟΝ ΣΚΟΤΩΣΑΝ

ΝΕΑ ΥΟΡΚΗ, 28. (Ρώυτερ).— Ὁ Κάρμινε Γκαλάντε εἶχε παραδώσει τήν ἀρχηγία.

Σύμφωνα μέ τίς πληροφορίες πού ἔγιναν γνωστές, οἱ ἁρμόδιες ὑπηρεσίες προχωροῦν στή μελέτη τοῦ θέματος καί θά ἀνακοινώσουν σύντομα τίς ἀποφάσεις τους. Ἡ ὑπόθεση ἀπασχολεῖ τίς ἀρχές ἐδῶ καί ἀρκετό καιρό καί ἀναμένονται νεότερες ἐξελίξεις κατά τίς προσεχεῖς ἡμέρες, ὅπως δήλωσαν ἁρμόδιοι παράγοντες.

Σύμφωνα μέ τίς πληροφορίες πού ἔγιναν γνωστές, οἱ ἁρμόδιες ὑπηρεσίες προχωροῦν στή μελέτη τοῦ θέματος καί θά ἀνακοινώσουν σύντομα τίς ἀποφάσεις τους. Ἡ ὑπόθεση ἀπασχολεῖ τίς ἀρχές ἐδῶ καί ἀρκετό καιρό καί ἀναμένονται νεότερες ἐξελίξεις κατά τίς προσεχεῖς ἡμέρες, ὅπως δήλωσαν ἁρμόδιοι παράγοντες.

Σύμφωνα μέ τίς πληροφορίες πού ἔγιναν γνωστές, οἱ ἁρμόδιες ὑπηρεσίες προχωροῦν στή μελέτη τοῦ θέματος καί θά ἀνακοινώσουν σύντομα τίς ἀποφάσεις τους. Ἡ ὑπόθεση ἀπασχολεῖ τίς ἀρχές ἐδῶ καί ἀρκετό καιρό καί ἀναμένονται νεότερες ἐξελίξεις κατά τίς προσεχεῖς ἡμέρες, ὅπως δήλωσαν ἁρμόδιοι παράγοντες.

Η ΟΙΚΟΓΕΝΕΙΑ ΤΟΥ ΜΑΥΡΟΥ ΝΟΤΙΟΑΦΡΙΚΑΝΟΥ ΜΠΙΚΟ ΑΠΟΔΕΧΤΗΚΕ ΚΡΑΤΙΚΗ ΑΠΟΖΗΜΙΩΣΗ 77.000 ΔΟΛΛΑΡΙΩΝ ΓΙΑ ΤΟ ΘΑΝΑΤΟ ΤΟΥ ΜΕΣΑ ΣΤΙΣ ΦΥΛΑΚΕΣ ΚΑΤΑ ΤΟ 1977

ΠΡΑΙΤΟΡΙΑ, 28. (Ρώυτερ).— Ἡ οἰκογένεια τοῦ Στῆβ Μπίκο.

Σύμφωνα μέ τίς πληροφορίες πού ἔγιναν γνωστές, οἱ ἁρμόδιες ὑπηρεσίες προχωροῦν στή μελέτη τοῦ θέματος καί θά ἀνακοινώσουν σύντομα τίς ἀποφάσεις τους. Ἡ ὑπόθεση ἀπασχολεῖ τίς ἀρχές ἐδῶ καί ἀρκετό καιρό καί ἀναμένονται νεότερες ἐξελίξεις κατά τίς προσεχεῖς ἡμέρες, ὅπως δήλωσαν ἁρμόδιοι παράγοντες.

Σύμφωνα μέ τίς πληροφορίες πού ἔγιναν γνωστές, οἱ ἁρμόδιες ὑπηρεσίες προχωροῦν στή μελέτη τοῦ θέματος καί θά ἀνακοινώσουν σύντομα τίς ἀποφάσεις τους. Ἡ ὑπόθεση ἀπασχολεῖ τίς ἀρχές ἐδῶ καί ἀρκετό καιρό καί ἀναμένονται νεότερες ἐξελίξεις κατά τίς προσεχεῖς ἡμέρες, ὅπως δήλωσαν ἁρμόδιοι παράγοντες.

Σύμφωνα μέ τίς πληροφορίες πού ἔγιναν γνωστές, οἱ ἁρμόδιες ὑπηρεσίες προχωροῦν στή μελέτη τοῦ θέματος καί θά ἀνακοινώσουν σύντομα τίς ἀποφάσεις τους. Ἡ ὑπόθεση ἀπασχολεῖ τίς ἀρχές ἐδῶ καί ἀρκετό καιρό καί ἀναμένονται νεότερες ἐξελίξεις κατά τίς προσεχεῖς ἡμέρες, ὅπως δήλωσαν ἁρμόδιοι παράγοντες.

Ο «ΤΑΣ» ΚΑΤΗΓΟΡΕΙ ΜΕΡΙΔΑ ΤΟΥ ΓΑΛΛΙΚΟΥ ΤΥΠΟΥ ΟΤΙ ΑΠΟΦΕΥΓΕΙ ΝΑ ΔΗΜΟΣΙΕΥΣΕΙ ΡΩΣΙΚΕΣ ΔΙΑΨΕΥΣΕΙΣ

ΜΟΣΧΑ, 28. (Νιοὺ Τάιμς).— Τό σοβιετικό πρακτορεῖο εἰδήσεων.

Σύμφωνα μέ τίς πληροφορίες πού ἔγιναν γνωστές, οἱ ἁρμόδιες ὑπηρεσίες προχωροῦν στή μελέτη τοῦ θέματος καί θά ἀνακοινώσουν σύντομα τίς ἀποφάσεις τους. Ἡ ὑπόθεση ἀπασχολεῖ τίς ἀρχές ἐδῶ καί ἀρκετό καιρό καί ἀναμένονται νεότερες ἐξελίξεις κατά τίς προσεχεῖς ἡμέρες, ὅπως δήλωσαν ἁρμόδιοι παράγοντες.

Σύμφωνα μέ τίς πληροφορίες πού ἔγιναν γνωστές, οἱ ἁρμόδιες ὑπηρεσίες προχωροῦν στή μελέτη τοῦ θέματος καί θά ἀνακοινώσουν σύντομα τίς ἀποφάσεις τους. Ἡ ὑπόθεση ἀπασχολεῖ τίς ἀρχές ἐδῶ καί ἀρκετό καιρό καί ἀναμένονται νεότερες ἐξελίξεις κατά τίς προσεχεῖς ἡμέρες, ὅπως δήλωσαν ἁρμόδιοι παράγοντες.

Σύμφωνα μέ τίς πληροφορίες πού ἔγιναν γνωστές, οἱ ἁρμόδιες ὑπηρεσίες προχωροῦν στή μελέτη τοῦ θέματος καί θά ἀνακοινώσουν σύντομα τίς ἀποφάσεις τους. Ἡ ὑπόθεση ἀπασχολεῖ τίς ἀρχές ἐδῶ καί ἀρκετό καιρό καί ἀναμένονται νεότερες ἐξελίξεις κατά τίς προσεχεῖς ἡμέρες, ὅπως δήλωσαν ἁρμόδιοι παράγοντες.

ΟΠΛΑ 1.200.000.000 ΔΟΛΛΑΡΙΩΝ ΣΤΗ ΣΑΟΥΔΑΡΑΒΙΑ ΖΗΤΑ ΝΑ ΧΟΡΗΓΗΣΕΙ Η ΑΜΕΡΙΚΑΝΙΚΗ ΚΥΒΕΡΝΗΣΗ

ΟΥΑΣΙΓΚΤΩΝ, 28. (Ἀσοσ. Πρές).— Ἡ ἀμερικανική κυβέρνηση.

Σύμφωνα μέ τίς πληροφορίες πού ἔγιναν γνωστές, οἱ ἁρμόδιες ὑπηρεσίες προχωροῦν στή μελέτη τοῦ θέματος καί θά ἀνακοινώσουν σύντομα τίς ἀποφάσεις τους. Ἡ ὑπόθεση ἀπασχολεῖ τίς ἀρχές ἐδῶ καί ἀρκετό καιρό καί ἀναμένονται νεότερες ἐξελίξεις κατά τίς προσεχεῖς ἡμέρες, ὅπως δήλωσαν ἁρμόδιοι παράγοντες.

Σύμφωνα μέ τίς πληροφορίες πού ἔγιναν γνωστές, οἱ ἁρμόδιες ὑπηρεσίες προχωροῦν στή μελέτη τοῦ θέματος καί θά ἀνακοινώσουν σύντομα τίς ἀποφάσεις τους. Ἡ ὑπόθεση ἀπασχολεῖ τίς ἀρχές ἐδῶ καί ἀρκετό καιρό καί ἀναμένονται νεότερες ἐξελίξεις κατά τίς προσεχεῖς ἡμέρες, ὅπως δήλωσαν ἁρμόδιοι παράγοντες.

Σύμφωνα μέ τίς πληροφορίες πού ἔγιναν γνωστές, οἱ ἁρμόδιες ὑπηρεσίες προχωροῦν στή μελέτη τοῦ θέματος καί θά ἀνακοινώσουν σύντομα τίς ἀποφάσεις τους. Ἡ ὑπόθεση ἀπασχολεῖ τίς ἀρχές ἐδῶ καί ἀρκετό καιρό καί ἀναμένονται νεότερες ἐξελίξεις κατά τίς προσεχεῖς ἡμέρες, ὅπως δήλωσαν ἁρμόδιοι παράγοντες.

Η ΕΛΙΖΑΒΕΤ ΕΦΘΑΣΕ ΣΤΗΝ ΠΡΩΤΕΥΟΥΣΑ ΤΗΣ ΖΑΜΠΙΑ ΓΙΑ ΝΑ ΠΑΡΑΣΤΕΙ ΣΤΗ ΔΙΑΣΚΕΨΗ ΤΗΣ ΚΟΙΝΟΠΟΛΙΤΕΙΑΣ

ΛΟΥΖΑΚΑ, Ζάμπια, 28. (Ἀσοσ. Πρές).— Ἡ βασίλισσα Ἐλισάβετ.

Σύμφωνα μέ τίς πληροφορίες πού ἔγιναν γνωστές, οἱ ἁρμόδιες ὑπηρεσίες προχωροῦν στή μελέτη τοῦ θέματος καί θά ἀνακοινώσουν σύντομα τίς ἀποφάσεις τους. Ἡ ὑπόθεση ἀπασχολεῖ τίς ἀρχές ἐδῶ καί ἀρκετό καιρό καί ἀναμένονται νεότερες ἐξελίξεις κατά τίς προσεχεῖς ἡμέρες, ὅπως δήλωσαν ἁρμόδιοι παράγοντες.

Σύμφωνα μέ τίς πληροφορίες πού ἔγιναν γνωστές, οἱ ἁρμόδιες ὑπηρεσίες προχωροῦν στή μελέτη τοῦ θέματος καί θά ἀνακοινώσουν σύντομα τίς ἀποφάσεις τους. Ἡ ὑπόθεση ἀπασχολεῖ τίς ἀρχές ἐδῶ καί ἀρκετό καιρό καί ἀναμένονται νεότερες ἐξελίξεις κατά τίς προσεχεῖς ἡμέρες, ὅπως δήλωσαν ἁρμόδιοι παράγοντες.

Σύμφωνα μέ τίς πληροφορίες πού ἔγιναν γνωστές, οἱ ἁρμόδιες ὑπηρεσίες προχωροῦν στή μελέτη τοῦ θέματος καί θά ἀνακοινώσουν σύντομα τίς ἀποφάσεις τους. Ἡ ὑπόθεση ἀπασχολεῖ τίς ἀρχές ἐδῶ καί ἀρκετό καιρό καί ἀναμένονται νεότερες ἐξελίξεις κατά τίς προσεχεῖς ἡμέρες, ὅπως δήλωσαν ἁρμόδιοι παράγοντες.
